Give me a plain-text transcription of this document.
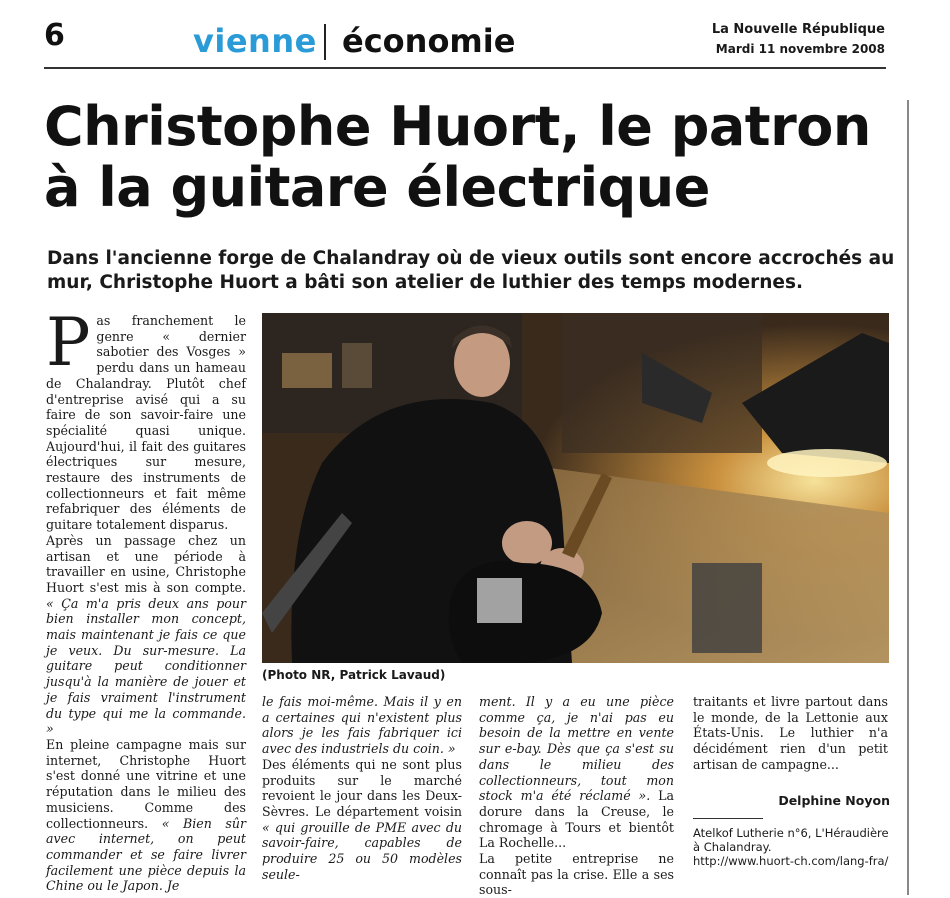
6	vienne économie	La Nouvelle République
Mardi 11 novembre 2008
Christophe Huort, le patron
à la guitare électrique
Dans l'ancienne forge de Chalandray où de vieux outils sont encore accrochés au mur, Christophe Huort a bâti son atelier de luthier des temps modernes.

Pas franchement le genre « dernier sabotier des Vosges » perdu dans un hameau de Chalandray. Plutôt chef d'entreprise avisé qui a su faire de son savoir-faire une spécialité quasi unique. Aujourd'hui, il fait des guitares électriques sur mesure, restaure des instruments de collectionneurs et fait même refabriquer des éléments de guitare totalement disparus.

Après un passage chez un artisan et une période à travailler en usine, Christophe Huort s'est mis à son compte. « Ça m'a pris deux ans pour bien installer mon concept, mais maintenant je fais ce que je veux. Du sur-mesure. La guitare peut conditionner jusqu'à la manière de jouer et je fais vraiment l'instrument du type qui me la commande. »

En pleine campagne mais sur internet, Christophe Huort s'est donné une vitrine et une réputation dans le milieu des musiciens. Comme des collectionneurs. « Bien sûr avec internet, on peut commander et se faire livrer facilement une pièce depuis la Chine ou le Japon. Je

(Photo NR, Patrick Lavaud)

le fais moi-même. Mais il y en a certaines qui n'existent plus alors je les fais fabriquer ici avec des industriels du coin. »

Des éléments qui ne sont plus produits sur le marché revoient le jour dans les Deux-Sèvres. Le département voisin « qui grouille de PME avec du savoir-faire, capables de produire 25 ou 50 modèles seule-

ment. Il y a eu une pièce comme ça, je n'ai pas eu besoin de la mettre en vente sur e-bay. Dès que ça s'est su dans le milieu des collectionneurs, tout mon stock m'a été réclamé ». La dorure dans la Creuse, le chromage à Tours et bientôt La Rochelle...

La petite entreprise ne connaît pas la crise. Elle a ses sous-

traitants et livre partout dans le monde, de la Lettonie aux États-Unis. Le luthier n'a décidément rien d'un petit artisan de campagne...

Delphine Noyon
Atelkof Lutherie n°6, L'Héraudière
à Chalandray.
http://www.huort-ch.com/lang-fra/
